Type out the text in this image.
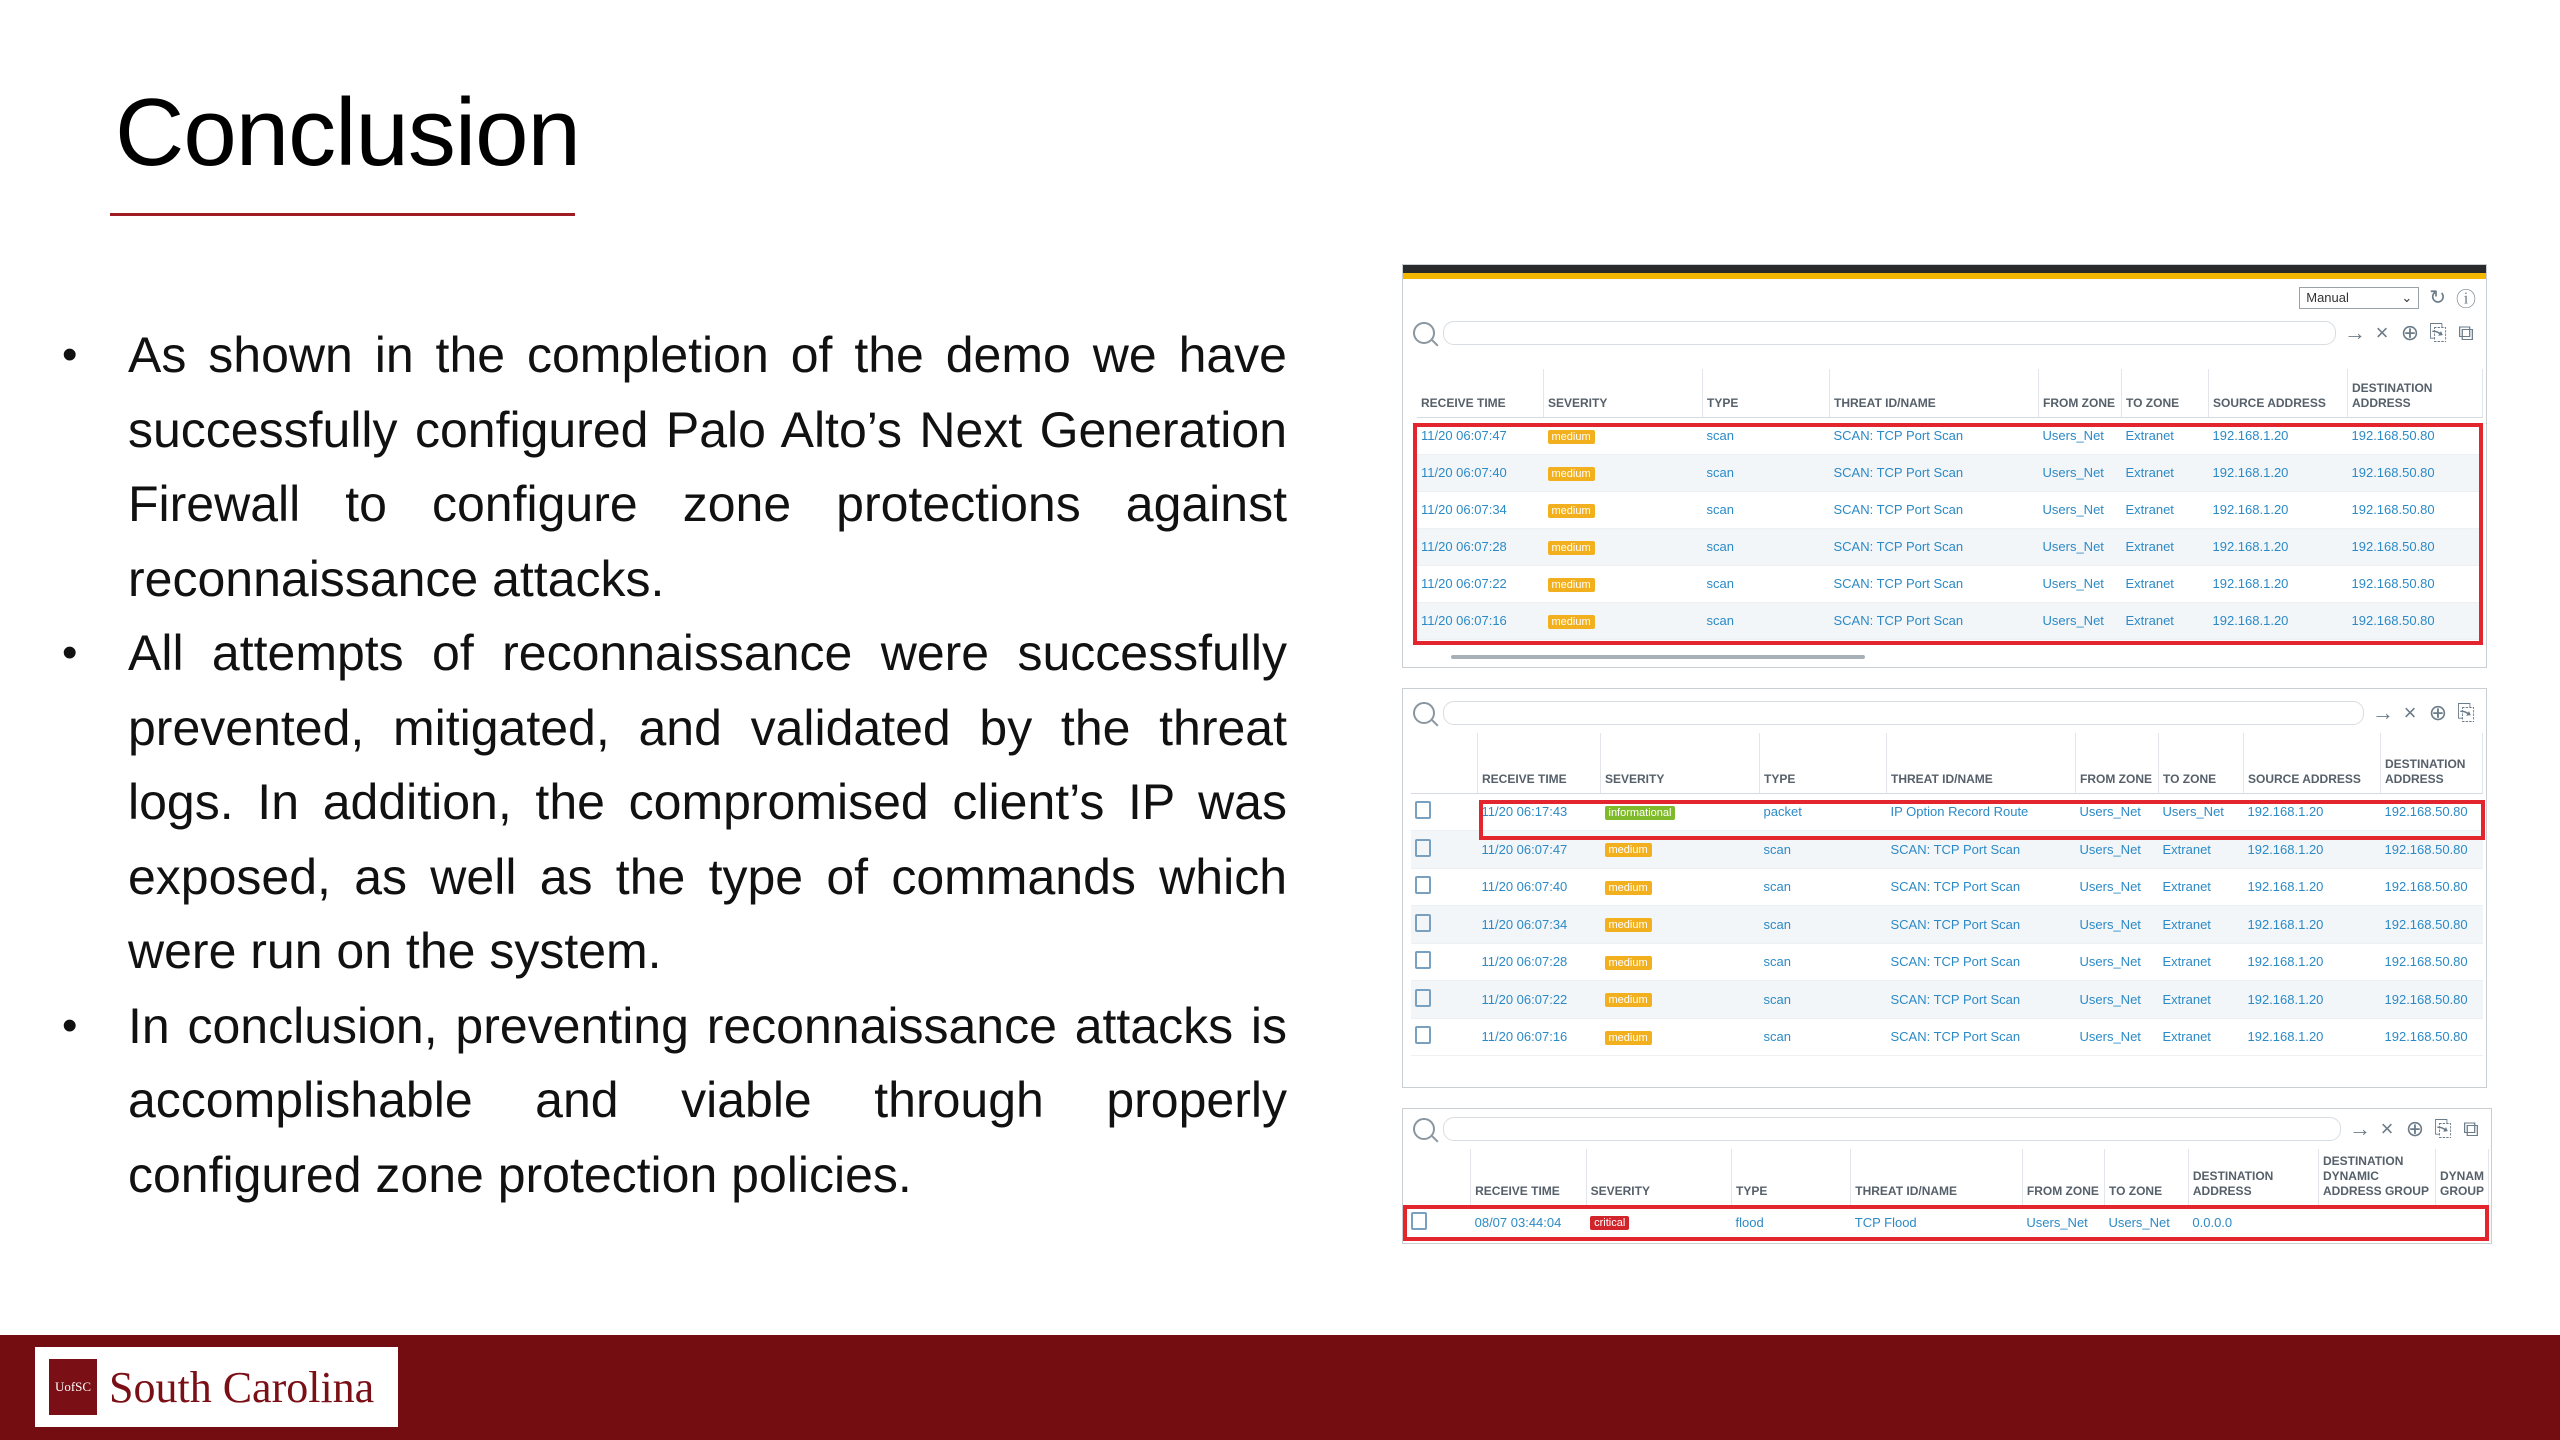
Conclusion
• As shown in the completion of the demo we have successfully configured Palo Alto’s Next Generation Firewall to configure zone protections against reconnaissance attacks.
• All attempts of reconnaissance were successfully prevented, mitigated, and validated by the threat logs. In addition, the compromised client’s IP was exposed, as well as the type of commands which were run on the system.
• In conclusion, preventing reconnaissance attacks is accomplishable and viable through properly configured zone protection policies.
Manual	⌄ ↻ ⓘ
→ × ⊕ ⎘ ⧉
RECEIVE TIME	SEVERITY	TYPE	THREAT ID/NAME	FROM ZONE	TO ZONE	SOURCE ADDRESS	DESTINATION ADDRESS
11/20 06:07:47	medium	scan	SCAN: TCP Port Scan	Users_Net	Extranet	192.168.1.20	192.168.50.80
11/20 06:07:40	medium	scan	SCAN: TCP Port Scan	Users_Net	Extranet	192.168.1.20	192.168.50.80
11/20 06:07:34	medium	scan	SCAN: TCP Port Scan	Users_Net	Extranet	192.168.1.20	192.168.50.80
11/20 06:07:28	medium	scan	SCAN: TCP Port Scan	Users_Net	Extranet	192.168.1.20	192.168.50.80
11/20 06:07:22	medium	scan	SCAN: TCP Port Scan	Users_Net	Extranet	192.168.1.20	192.168.50.80
11/20 06:07:16	medium	scan	SCAN: TCP Port Scan	Users_Net	Extranet	192.168.1.20	192.168.50.80
→ × ⊕ ⎘
	RECEIVE TIME	SEVERITY	TYPE	THREAT ID/NAME	FROM ZONE	TO ZONE	SOURCE ADDRESS	DESTINATION ADDRESS
	11/20 06:17:43	informational	packet	IP Option Record Route	Users_Net	Users_Net	192.168.1.20	192.168.50.80
	11/20 06:07:47	medium	scan	SCAN: TCP Port Scan	Users_Net	Extranet	192.168.1.20	192.168.50.80
	11/20 06:07:40	medium	scan	SCAN: TCP Port Scan	Users_Net	Extranet	192.168.1.20	192.168.50.80
	11/20 06:07:34	medium	scan	SCAN: TCP Port Scan	Users_Net	Extranet	192.168.1.20	192.168.50.80
	11/20 06:07:28	medium	scan	SCAN: TCP Port Scan	Users_Net	Extranet	192.168.1.20	192.168.50.80
	11/20 06:07:22	medium	scan	SCAN: TCP Port Scan	Users_Net	Extranet	192.168.1.20	192.168.50.80
	11/20 06:07:16	medium	scan	SCAN: TCP Port Scan	Users_Net	Extranet	192.168.1.20	192.168.50.80
→ × ⊕ ⎘ ⧉
	RECEIVE TIME	SEVERITY	TYPE	THREAT ID/NAME	FROM ZONE	TO ZONE	DESTINATION ADDRESS	DESTINATION DYNAMIC ADDRESS GROUP	DYNAM GROUP
	08/07 03:44:04	critical	flood	TCP Flood	Users_Net	Users_Net	0.0.0.0		
UofSC South Carolina
